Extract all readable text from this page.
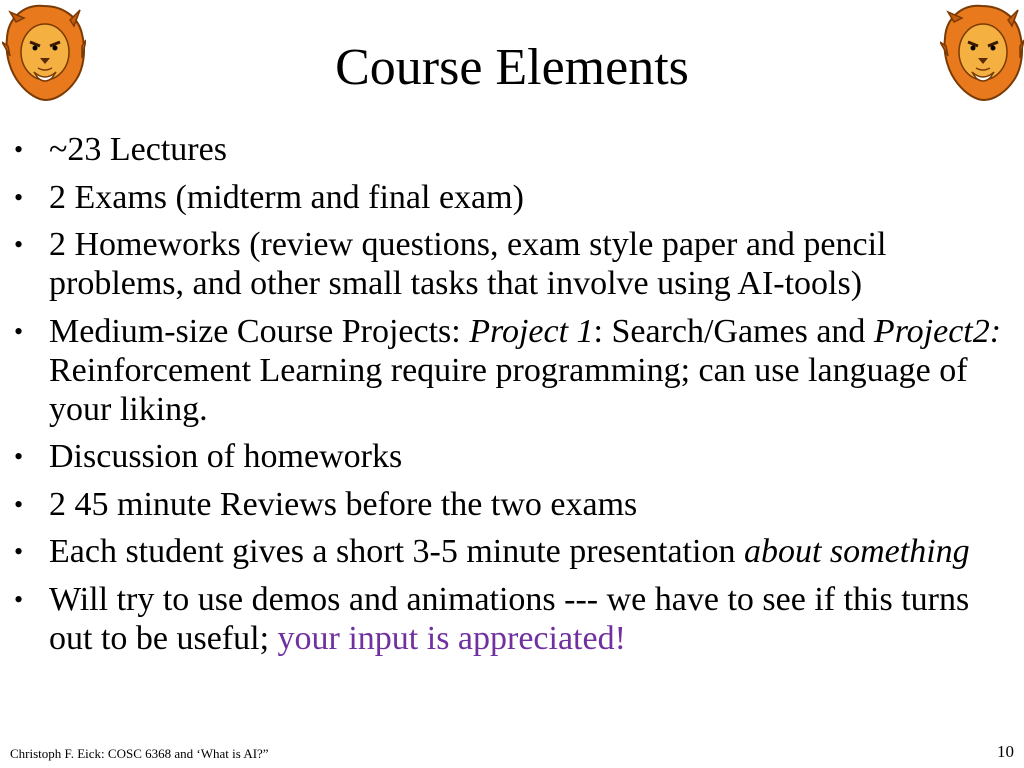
Course Elements
• ~23 Lectures
• 2 Exams (midterm and final exam)
• 2 Homeworks (review questions, exam style paper and pencil problems, and other small tasks that involve using AI-tools)
• Medium-size Course Projects: Project 1: Search/Games and Project2: Reinforcement Learning require programming; can use language of your liking.
• Discussion of homeworks
• 2 45 minute Reviews before the two exams
• Each student gives a short 3-5 minute presentation about something
• Will try to use demos and animations --- we have to see if this turns out to be useful; your input is appreciated!
Christoph F. Eick: COSC 6368 and ‘What is AI?”	10
